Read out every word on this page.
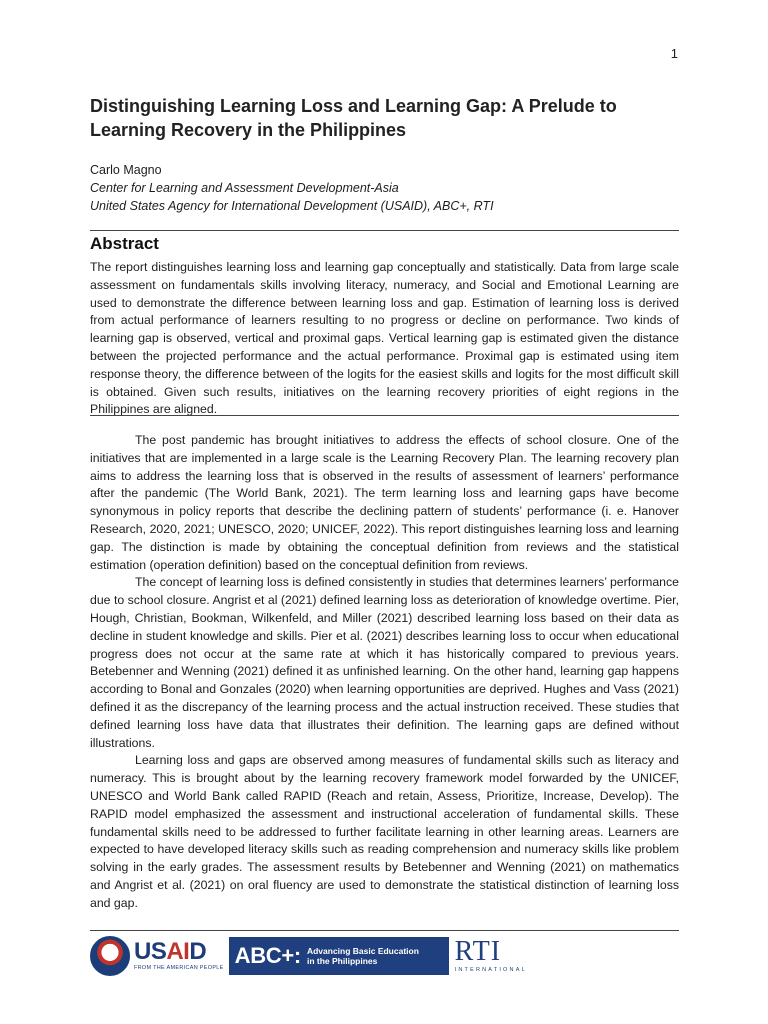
1
Distinguishing Learning Loss and Learning Gap: A Prelude to Learning Recovery in the Philippines
Carlo Magno
Center for Learning and Assessment Development-Asia
United States Agency for International Development (USAID), ABC+, RTI
Abstract
The report distinguishes learning loss and learning gap conceptually and statistically. Data from large scale assessment on fundamentals skills involving literacy, numeracy, and Social and Emotional Learning are used to demonstrate the difference between learning loss and gap. Estimation of learning loss is derived from actual performance of learners resulting to no progress or decline on performance. Two kinds of learning gap is observed, vertical and proximal gaps. Vertical learning gap is estimated given the distance between the projected performance and the actual performance. Proximal gap is estimated using item response theory, the difference between of the logits for the easiest skills and logits for the most difficult skill is obtained. Given such results, initiatives on the learning recovery priorities of eight regions in the Philippines are aligned.

The post pandemic has brought initiatives to address the effects of school closure. One of the initiatives that are implemented in a large scale is the Learning Recovery Plan. The learning recovery plan aims to address the learning loss that is observed in the results of assessment of learners’ performance after the pandemic (The World Bank, 2021). The term learning loss and learning gaps have become synonymous in policy reports that describe the declining pattern of students’ performance (i. e. Hanover Research, 2020, 2021; UNESCO, 2020; UNICEF, 2022). This report distinguishes learning loss and learning gap. The distinction is made by obtaining the conceptual definition from reviews and the statistical estimation (operation definition) based on the conceptual definition from reviews.

The concept of learning loss is defined consistently in studies that determines learners’ performance due to school closure. Angrist et al (2021) defined learning loss as deterioration of knowledge overtime. Pier, Hough, Christian, Bookman, Wilkenfeld, and Miller (2021) described learning loss based on their data as decline in student knowledge and skills. Pier et al. (2021) describes learning loss to occur when educational progress does not occur at the same rate at which it has historically compared to previous years. Betebenner and Wenning (2021) defined it as unfinished learning. On the other hand, learning gap happens according to Bonal and Gonzales (2020) when learning opportunities are deprived. Hughes and Vass (2021) defined it as the discrepancy of the learning process and the actual instruction received. These studies that defined learning loss have data that illustrates their definition. The learning gaps are defined without illustrations.

Learning loss and gaps are observed among measures of fundamental skills such as literacy and numeracy. This is brought about by the learning recovery framework model forwarded by the UNICEF, UNESCO and World Bank called RAPID (Reach and retain, Assess, Prioritize, Increase, Develop). The RAPID model emphasized the assessment and instructional acceleration of fundamental skills. These fundamental skills need to be addressed to further facilitate learning in other learning areas. Learners are expected to have developed literacy skills such as reading comprehension and numeracy skills like problem solving in the early grades. The assessment results by Betebenner and Wenning (2021) on mathematics and Angrist et al. (2021) on oral fluency are used to demonstrate the statistical distinction of learning loss and gap.

USAID
FROM THE AMERICAN PEOPLE ABC+: Advancing Basic Education
in the Philippines	RTI
INTERNATIONAL
